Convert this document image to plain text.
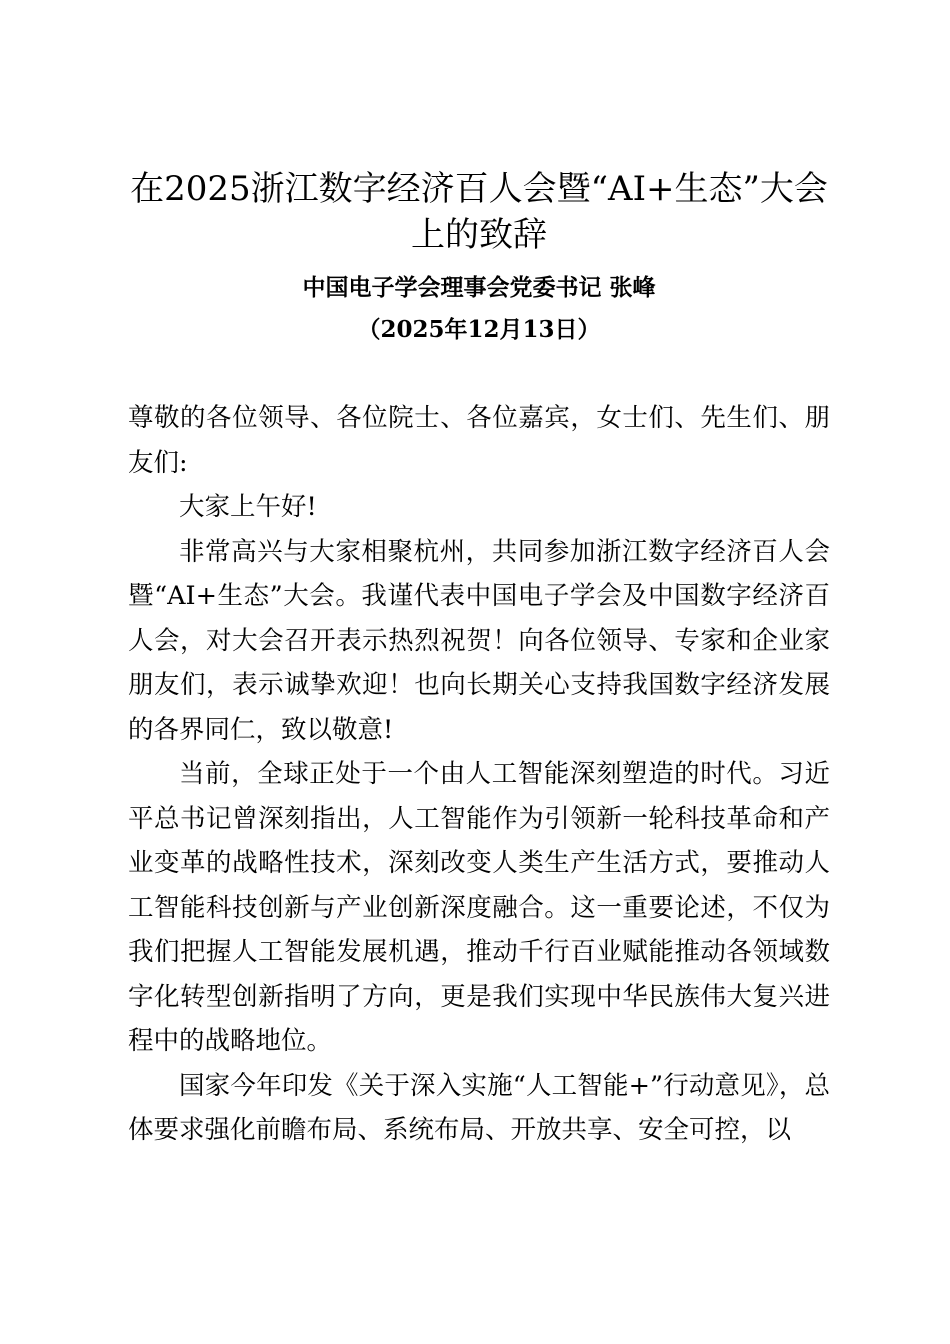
在2025浙江数字经济百人会暨“AI+生态”大会上的致辞

中国电子学会理事会党委书记 张峰

（2025年12月13日）

尊敬的各位领导、各位院士、各位嘉宾，女士们、先生们、朋友们:

大家上午好!

非常高兴与大家相聚杭州，共同参加浙江数字经济百人会暨“AI+生态”大会。我谨代表中国电子学会及中国数字经济百人会，对大会召开表示热烈祝贺！向各位领导、专家和企业家朋友们，表示诚挚欢迎！也向长期关心支持我国数字经济发展的各界同仁，致以敬意!

当前，全球正处于一个由人工智能深刻塑造的时代。习近平总书记曾深刻指出，人工智能作为引领新一轮科技革命和产业变革的战略性技术，深刻改变人类生产生活方式，要推动人工智能科技创新与产业创新深度融合。这一重要论述，不仅为我们把握人工智能发展机遇，推动千行百业赋能推动各领域数字化转型创新指明了方向，更是我们实现中华民族伟大复兴进程中的战略地位。

国家今年印发《关于深入实施“人工智能+”行动意见》，总体要求强化前瞻布局、系统布局、开放共享、安全可控，以
